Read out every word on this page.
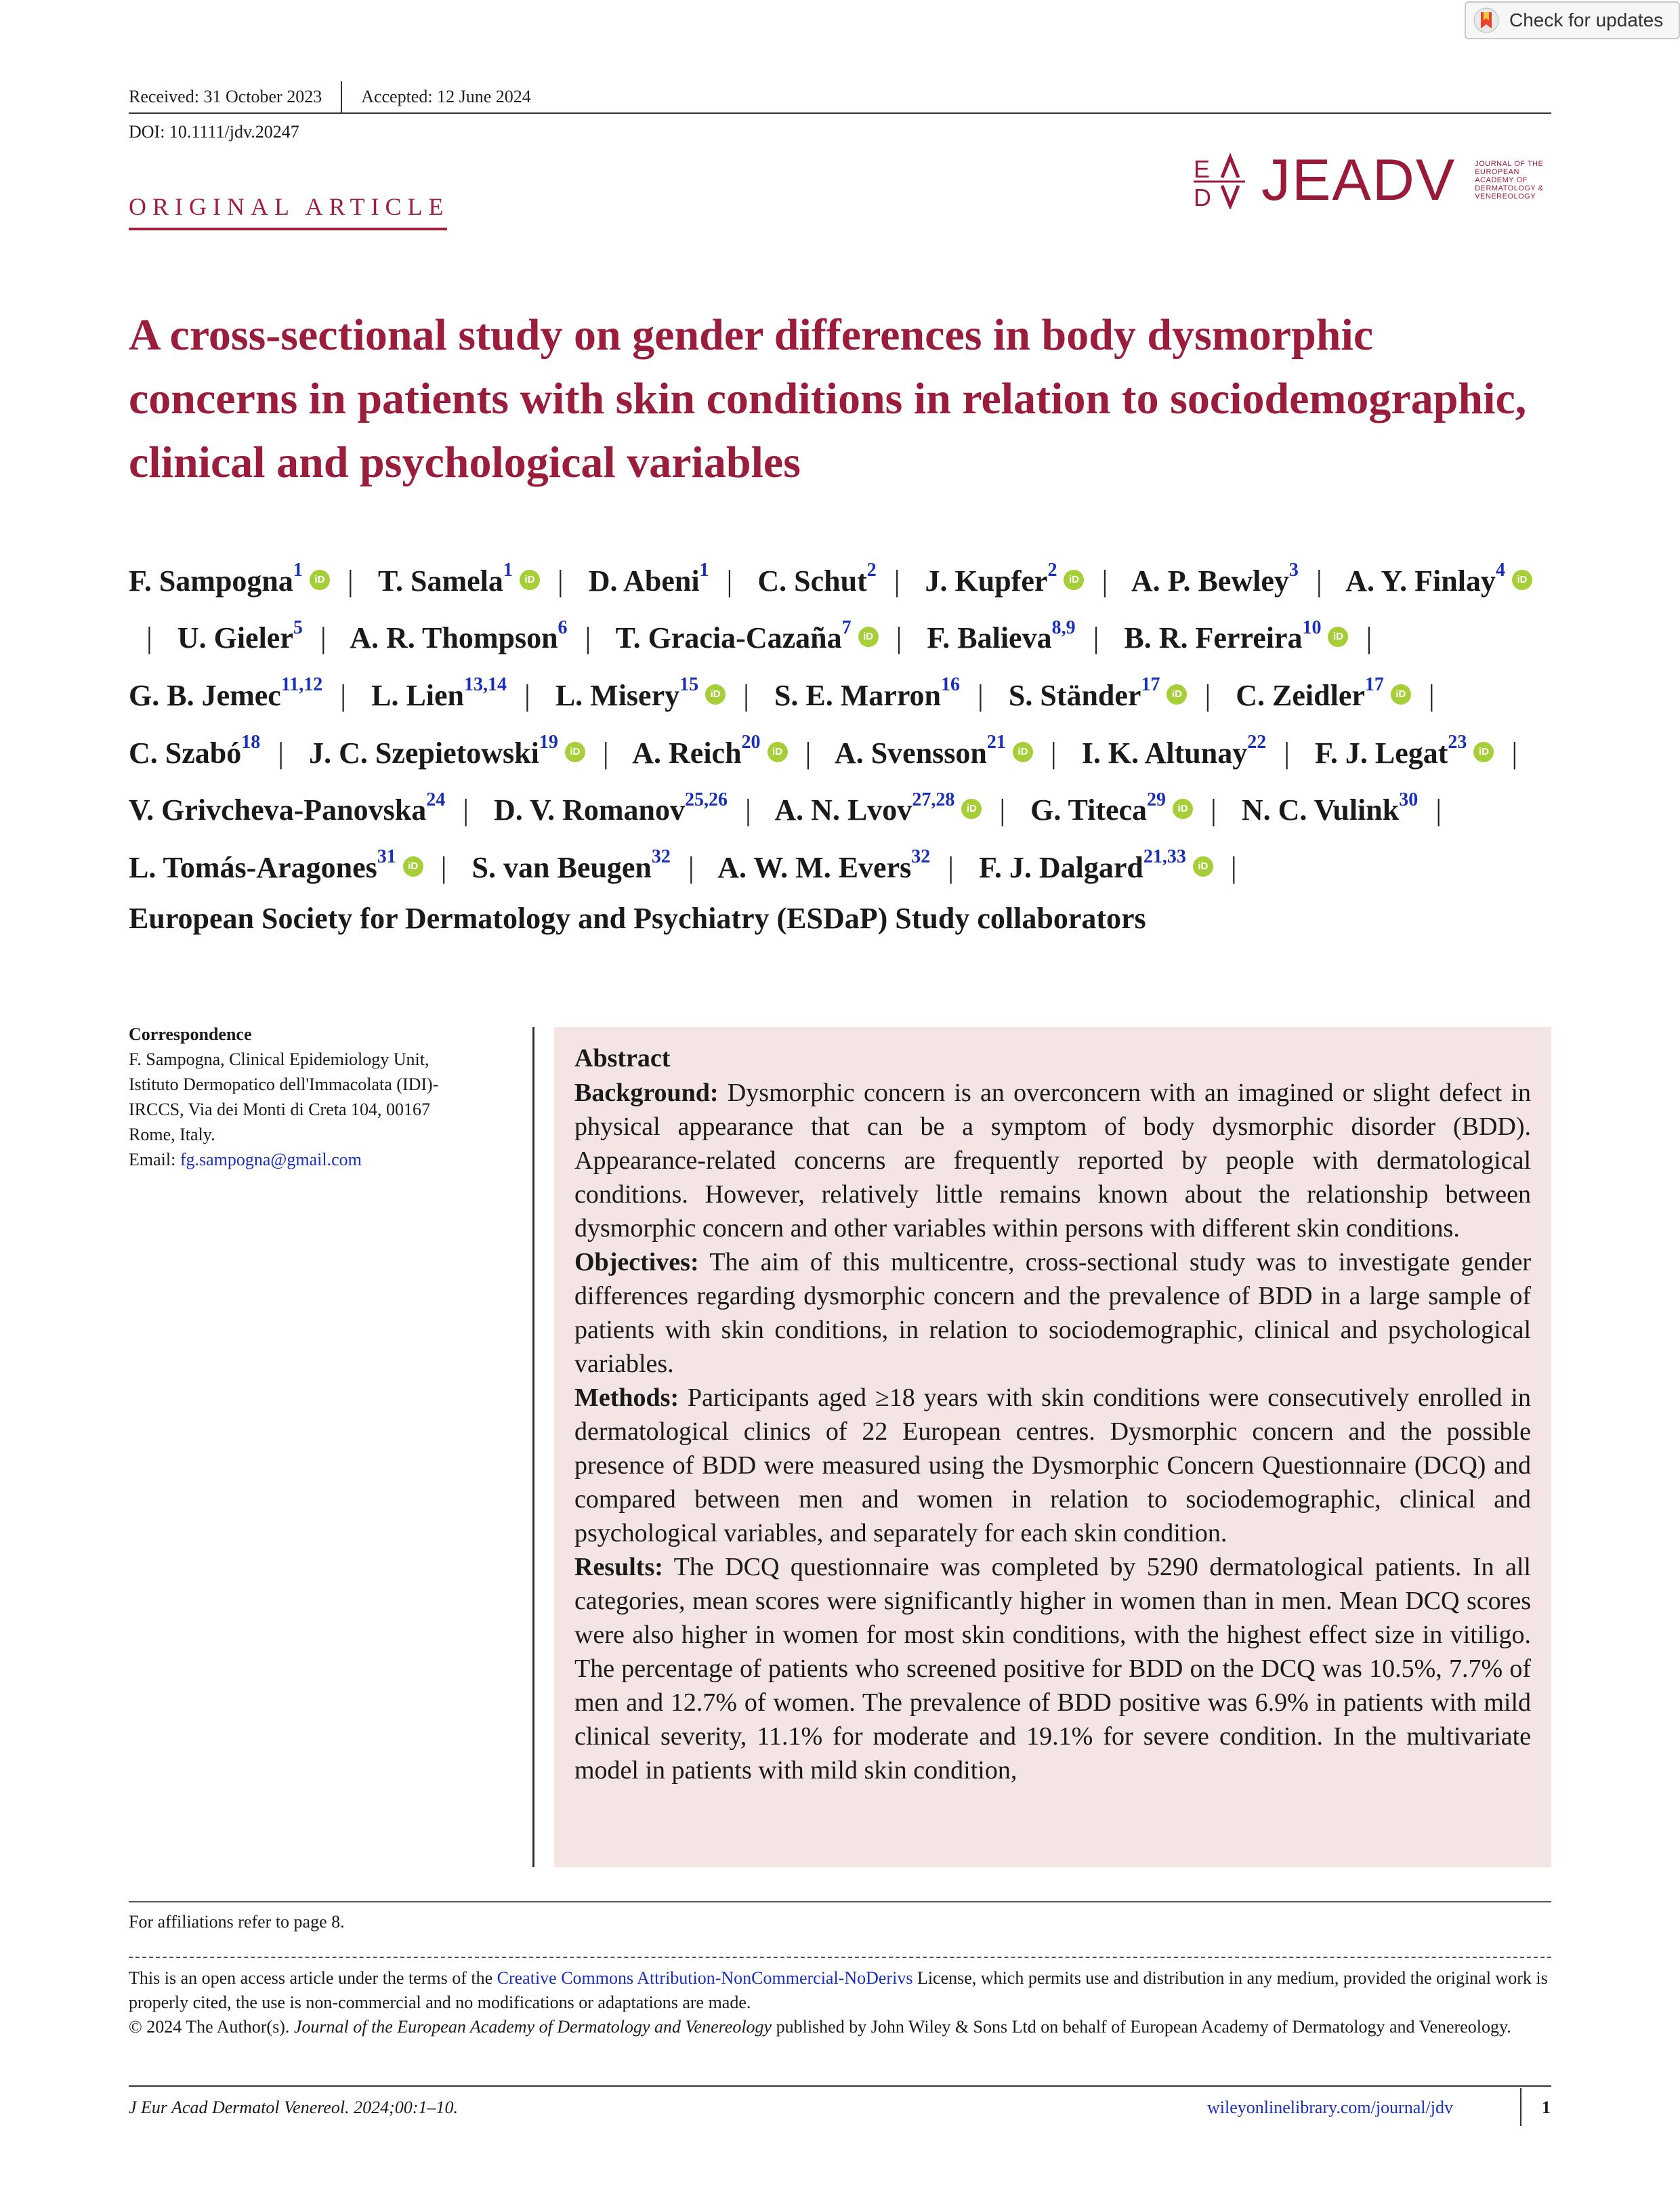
Check for updates
Received: 31 October 2023 Accepted: 12 June 2024
DOI: 10.1111/jdv.20247
ORIGINAL ARTICLE
E
D JEADV	JOURNAL OF THE EUROPEAN ACADEMY OF DERMATOLOGY & VENEREOLOGY
A cross-sectional study on gender differences in body dysmorphic concerns in patients with skin conditions in relation to sociodemographic, clinical and psychological variables
F. Sampogna$^1$ iD | T. Samela$^1$ iD | D. Abeni$^1$ | C. Schut$^2$ | J. Kupfer$^2$ iD | A. P. Bewley$^3$ | A. Y. Finlay$^4$ iD| U. Gieler$^5$ | A. R. Thompson$^6$ | T. Gracia-Cazaña$^7$ iD | F. Balieva$^{8,9}$ | B. R. Ferreira$^{10}$ iD | G. B. Jemec$^{11,12}$ | L. Lien$^{13,14}$ | L. Misery$^{15}$ iD | S. E. Marron$^{16}$ | S. Ständer$^{17}$ iD | C. Zeidler$^{17}$ iD | C. Szabó$^{18}$ | J. C. Szepietowski$^{19}$ iD | A. Reich$^{20}$ iD | A. Svensson$^{21}$ iD | I. K. Altunay$^{22}$ | F. J. Legat$^{23}$ iD | V. Grivcheva-Panovska$^{24}$ | D. V. Romanov$^{25,26}$ | A. N. Lvov$^{27,28}$ iD | G. Titeca$^{29}$ iD | N. C. Vulink$^{30}$ | L. Tomás-Aragones$^{31}$ iD | S. van Beugen$^{32}$ | A. W. M. Evers$^{32}$ | F. J. Dalgard$^{21,33}$ iD |
European Society for Dermatology and Psychiatry (ESDaP) Study collaborators
Correspondence
F. Sampogna, Clinical Epidemiology Unit,
Istituto Dermopatico dell'Immacolata (IDI)-
IRCCS, Via dei Monti di Creta 104, 00167
Rome, Italy.
Email: fg.sampogna@gmail.com
Abstract

Background: Dysmorphic concern is an overconcern with an imagined or slight defect in physical appearance that can be a symptom of body dysmorphic disorder (BDD). Appearance-related concerns are frequently reported by people with dermatological conditions. However, relatively little remains known about the relationship between dysmorphic concern and other variables within persons with different skin conditions.

Objectives: The aim of this multicentre, cross-sectional study was to investigate gender differences regarding dysmorphic concern and the prevalence of BDD in a large sample of patients with skin conditions, in relation to sociodemographic, clinical and psychological variables.

Methods: Participants aged ≥18 years with skin conditions were consecutively enrolled in dermatological clinics of 22 European centres. Dysmorphic concern and the possible presence of BDD were measured using the Dysmorphic Concern Questionnaire (DCQ) and compared between men and women in relation to sociodemographic, clinical and psychological variables, and separately for each skin condition.

Results: The DCQ questionnaire was completed by 5290 dermatological patients. In all categories, mean scores were significantly higher in women than in men. Mean DCQ scores were also higher in women for most skin conditions, with the highest effect size in vitiligo. The percentage of patients who screened positive for BDD on the DCQ was 10.5%, 7.7% of men and 12.7% of women. The prevalence of BDD positive was 6.9% in patients with mild clinical severity, 11.1% for moderate and 19.1% for severe condition. In the multivariate model in patients with mild skin condition,

For affiliations refer to page 8.
This is an open access article under the terms of the Creative Commons Attribution-NonCommercial-NoDerivs License, which permits use and distribution in any medium, provided the original work is properly cited, the use is non-commercial and no modifications or adaptations are made.
© 2024 The Author(s). Journal of the European Academy of Dermatology and Venereology published by John Wiley & Sons Ltd on behalf of European Academy of Dermatology and Venereology.
J Eur Acad Dermatol Venereol. 2024;00:1–10.	wileyonlinelibrary.com/journal/jdv	1
